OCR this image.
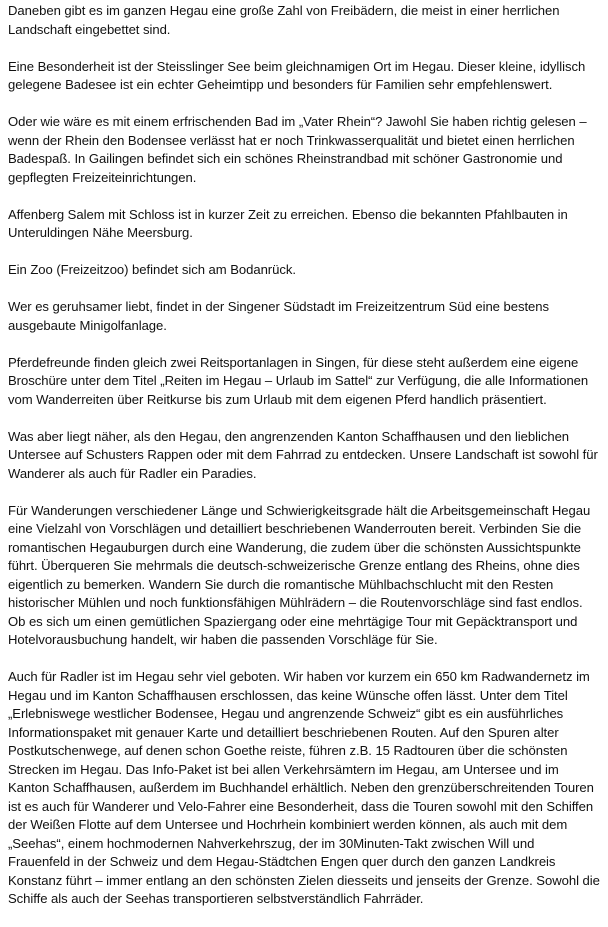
Daneben gibt es im ganzen Hegau eine große Zahl von Freibädern, die meist in einer herrlichen Landschaft eingebettet sind.

Eine Besonderheit ist der Steisslinger See beim gleichnamigen Ort im Hegau. Dieser kleine, idyllisch gelegene Badesee ist ein echter Geheimtipp und besonders für Familien sehr empfehlenswert.

Oder wie wäre es mit einem erfrischenden Bad im „Vater Rhein“? Jawohl Sie haben richtig gelesen – wenn der Rhein den Bodensee verlässt hat er noch Trinkwasserqualität und bietet einen herrlichen Badespaß. In Gailingen befindet sich ein schönes Rheinstrandbad mit schöner Gastronomie und gepflegten Freizeiteinrichtungen.

Affenberg Salem mit Schloss ist in kurzer Zeit zu erreichen. Ebenso die bekannten Pfahlbauten in Unteruldingen Nähe Meersburg.

Ein Zoo (Freizeitzoo) befindet sich am Bodanrück.

Wer es geruhsamer liebt, findet in der Singener Südstadt im Freizeitzentrum Süd eine bestens ausgebaute Minigolfanlage.

Pferdefreunde finden gleich zwei Reitsportanlagen in Singen, für diese steht außerdem eine eigene Broschüre unter dem Titel „Reiten im Hegau – Urlaub im Sattel“ zur Verfügung, die alle Informationen vom Wanderreiten über Reitkurse bis zum Urlaub mit dem eigenen Pferd handlich präsentiert.

Was aber liegt näher, als den Hegau, den angrenzenden Kanton Schaffhausen und den lieblichen Untersee auf Schusters Rappen oder mit dem Fahrrad zu entdecken. Unsere Landschaft ist sowohl für Wanderer als auch für Radler ein Paradies.

Für Wanderungen verschiedener Länge und Schwierigkeitsgrade hält die Arbeitsgemeinschaft Hegau eine Vielzahl von Vorschlägen und detailliert beschriebenen Wanderrouten bereit. Verbinden Sie die romantischen Hegauburgen durch eine Wanderung, die zudem über die schönsten Aussichtspunkte führt. Überqueren Sie mehrmals die deutsch-schweizerische Grenze entlang des Rheins, ohne dies eigentlich zu bemerken. Wandern Sie durch die romantische Mühlbachschlucht mit den Resten historischer Mühlen und noch funktionsfähigen Mühlrädern – die Routenvorschläge sind fast endlos. Ob es sich um einen gemütlichen Spaziergang oder eine mehrtägige Tour mit Gepäcktransport und Hotelvorausbuchung handelt, wir haben die passenden Vorschläge für Sie.

Auch für Radler ist im Hegau sehr viel geboten. Wir haben vor kurzem ein 650 km Radwandernetz im Hegau und im Kanton Schaffhausen erschlossen, das keine Wünsche offen lässt. Unter dem Titel „Erlebniswege westlicher Bodensee, Hegau und angrenzende Schweiz“ gibt es ein ausführliches Informationspaket mit genauer Karte und detailliert beschriebenen Routen. Auf den Spuren alter Postkutschenwege, auf denen schon Goethe reiste, führen z.B. 15 Radtouren über die schönsten Strecken im Hegau. Das Info-Paket ist bei allen Verkehrsämtern im Hegau, am Untersee und im Kanton Schaffhausen, außerdem im Buchhandel erhältlich. Neben den grenzüberschreitenden Touren ist es auch für Wanderer und Velo-Fahrer eine Besonderheit, dass die Touren sowohl mit den Schiffen der Weißen Flotte auf dem Untersee und Hochrhein kombiniert werden können, als auch mit dem „Seehas“, einem hochmodernen Nahverkehrszug, der im 30Minuten-Takt zwischen Will und Frauenfeld in der Schweiz und dem Hegau-Städtchen Engen quer durch den ganzen Landkreis Konstanz führt – immer entlang an den schönsten Zielen diesseits und jenseits der Grenze. Sowohl die Schiffe als auch der Seehas transportieren selbstverständlich Fahrräder.
